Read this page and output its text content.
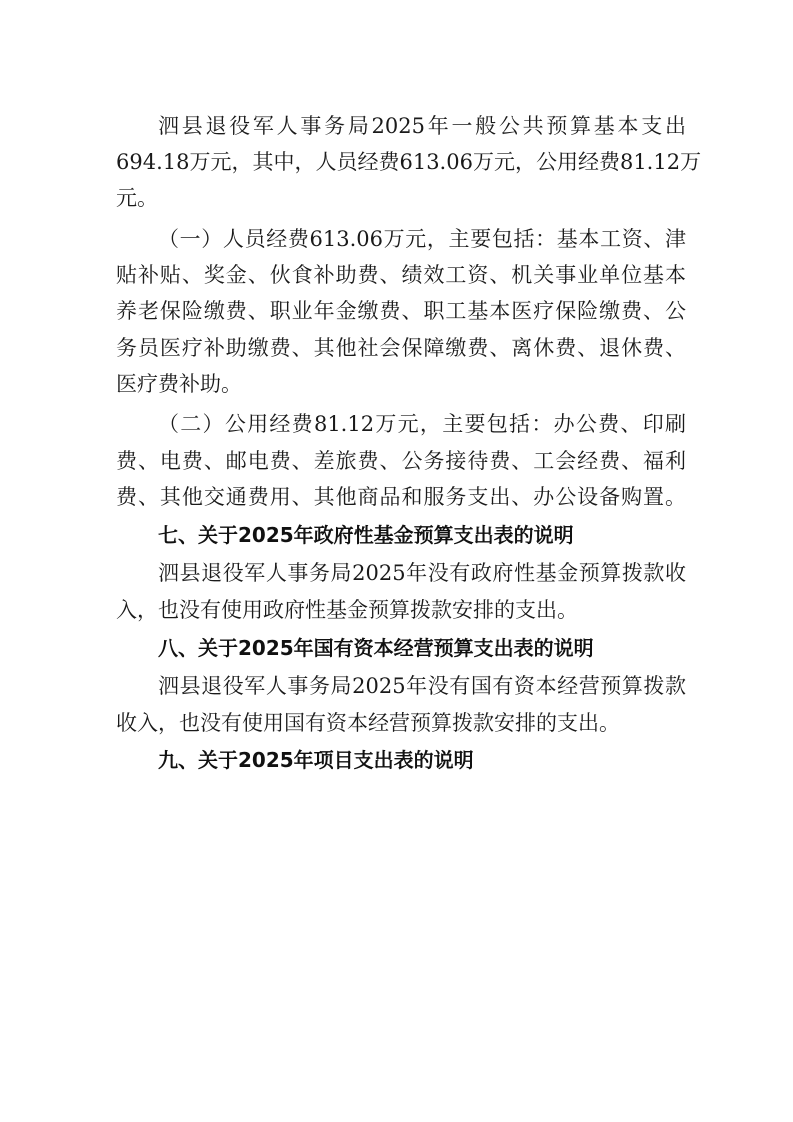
泗县退役军人事务局2025年一般公共预算基本支出

694.18万元，其中，人员经费613.06万元，公用经费81.12万

元。

（一）人员经费613.06万元，主要包括：基本工资、津

贴补贴、奖金、伙食补助费、绩效工资、机关事业单位基本

养老保险缴费、职业年金缴费、职工基本医疗保险缴费、公

务员医疗补助缴费、其他社会保障缴费、离休费、退休费、

医疗费补助。

（二）公用经费81.12万元，主要包括：办公费、印刷

费、电费、邮电费、差旅费、公务接待费、工会经费、福利

费、其他交通费用、其他商品和服务支出、办公设备购置。

七、关于2025年政府性基金预算支出表的说明

泗县退役军人事务局2025年没有政府性基金预算拨款收

入，也没有使用政府性基金预算拨款安排的支出。

八、关于2025年国有资本经营预算支出表的说明

泗县退役军人事务局2025年没有国有资本经营预算拨款

收入，也没有使用国有资本经营预算拨款安排的支出。

九、关于2025年项目支出表的说明
